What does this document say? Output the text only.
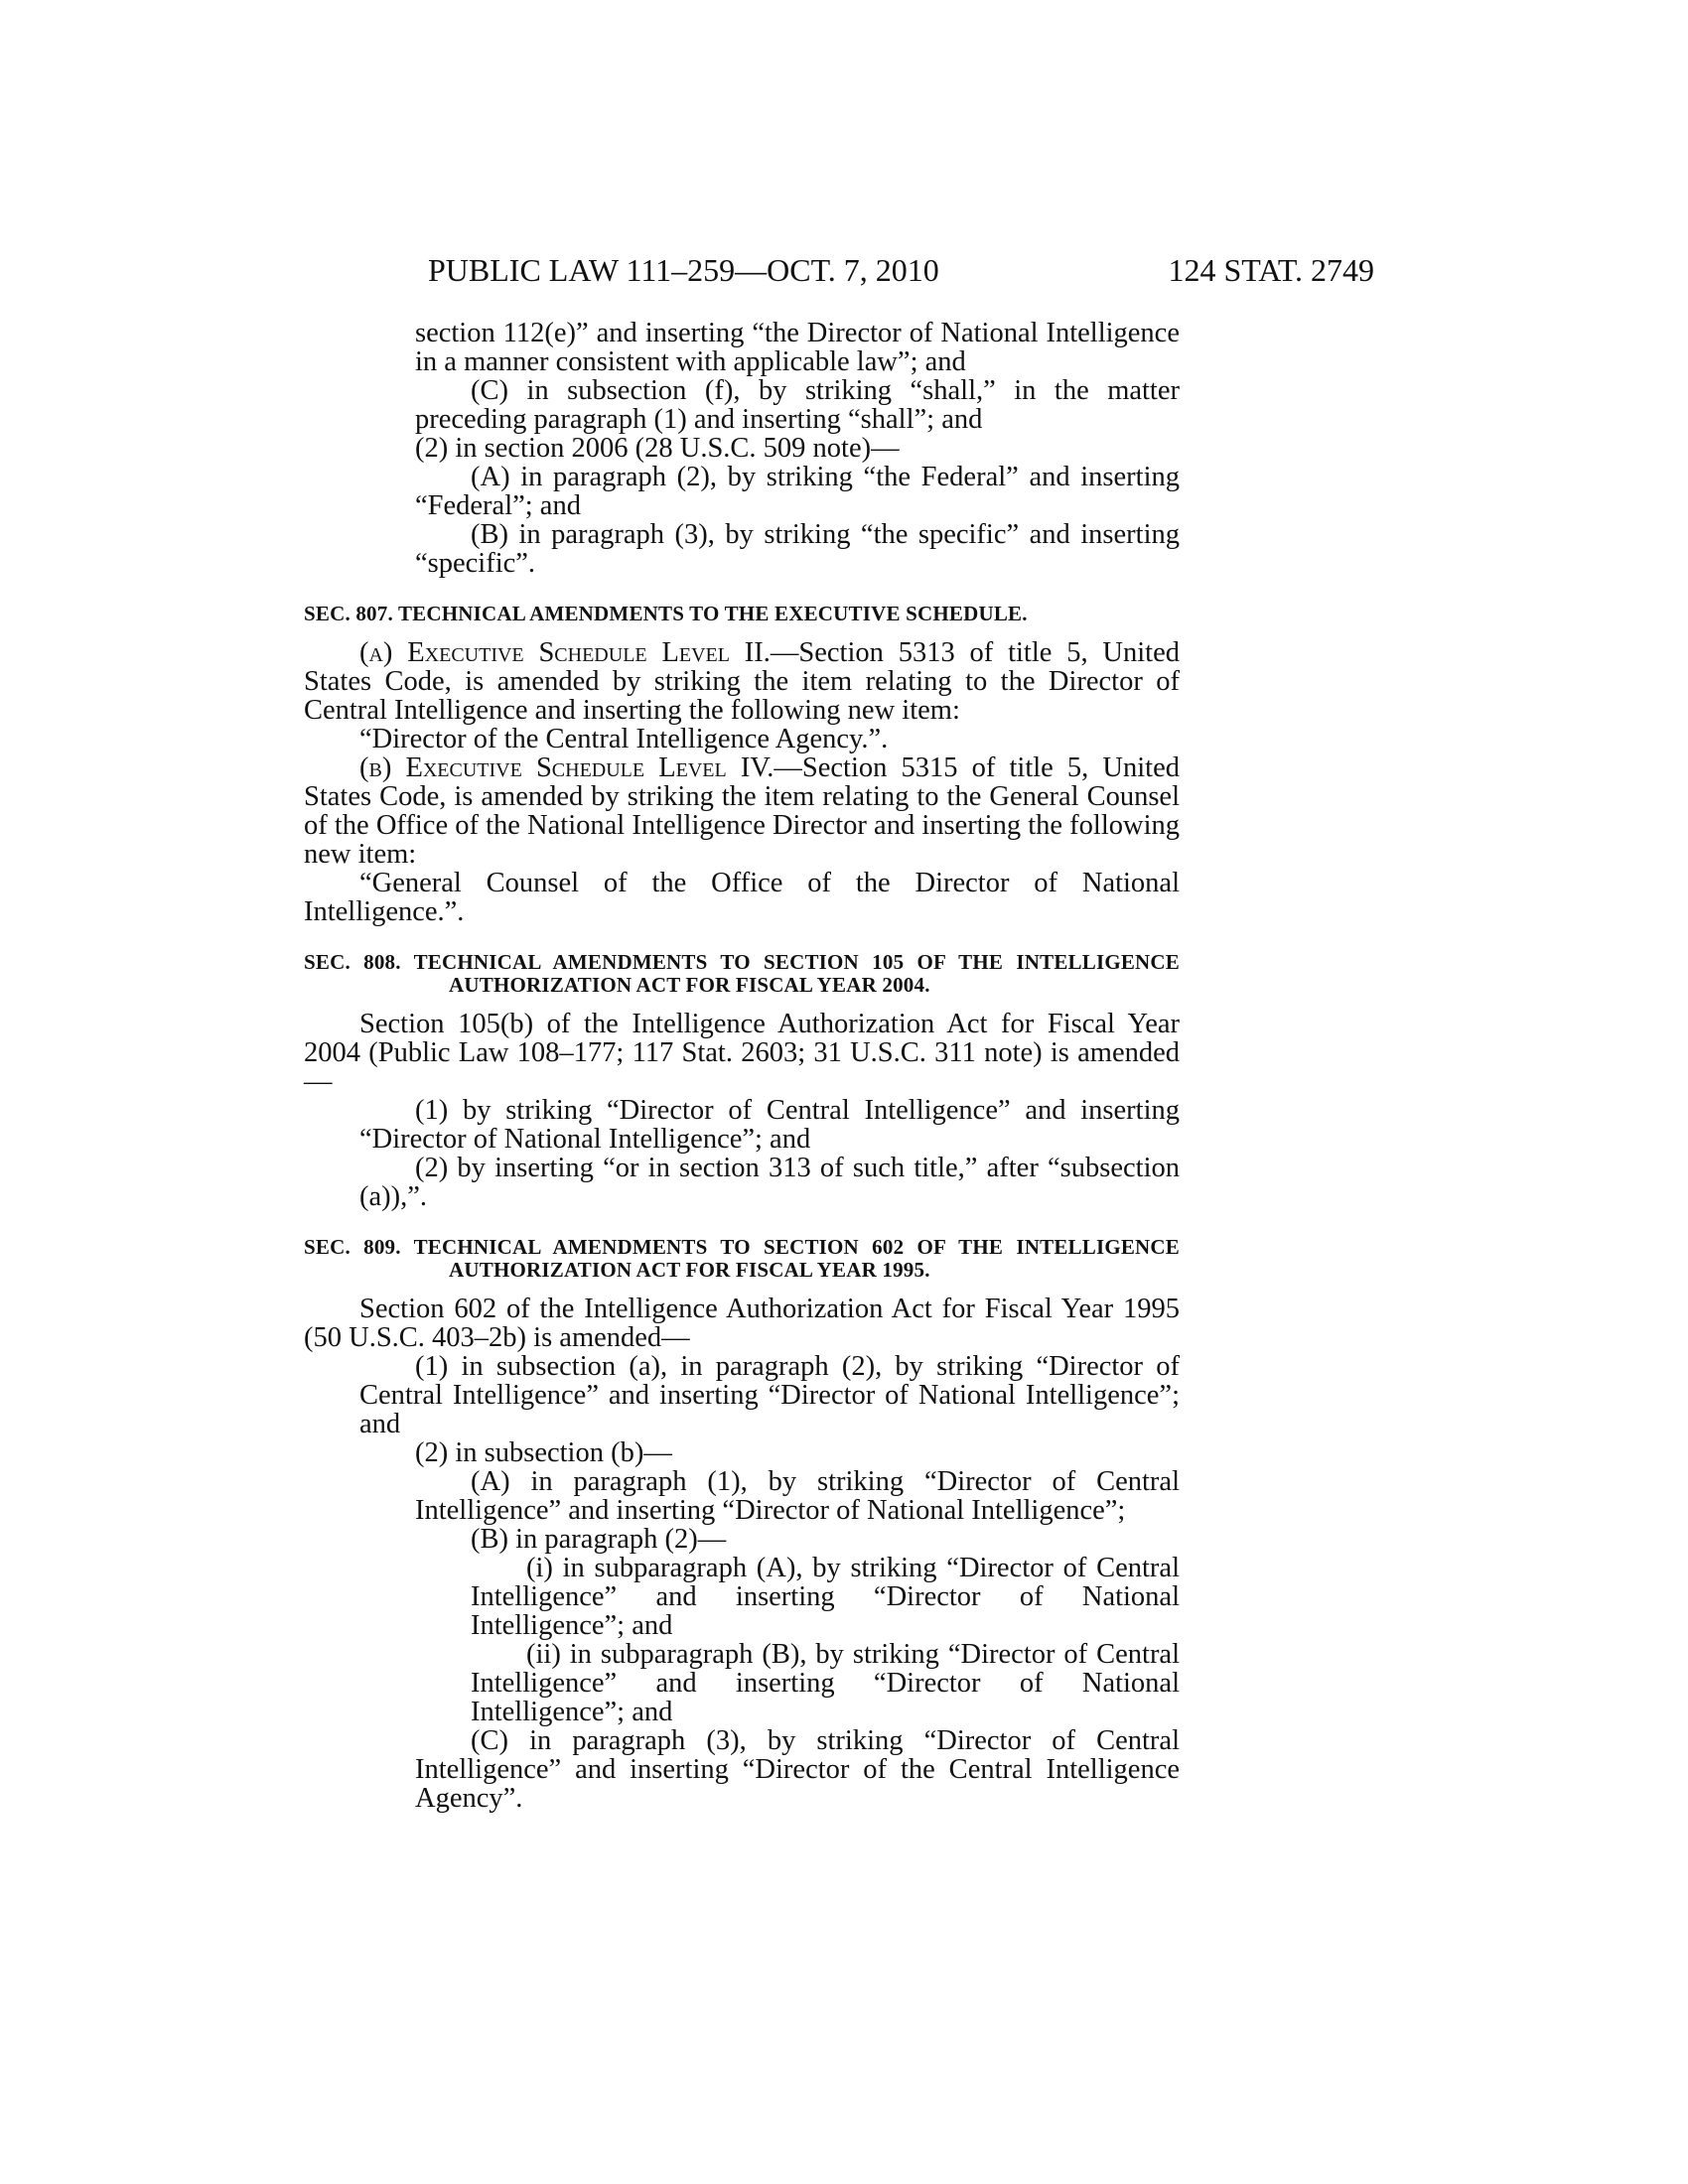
PUBLIC LAW 111–259—OCT. 7, 2010	124 STAT. 2749

section 112(e)” and inserting “the Director of National Intelligence in a manner consistent with applicable law”; and

(C) in subsection (f), by striking “shall,” in the matter preceding paragraph (1) and inserting “shall”; and

(2) in section 2006 (28 U.S.C. 509 note)—

(A) in paragraph (2), by striking “the Federal” and inserting “Federal”; and

(B) in paragraph (3), by striking “the specific” and inserting “specific”.

SEC. 807. TECHNICAL AMENDMENTS TO THE EXECUTIVE SCHEDULE.

(a) Executive Schedule Level II.—Section 5313 of title 5, United States Code, is amended by striking the item relating to the Director of Central Intelligence and inserting the following new item:

“Director of the Central Intelligence Agency.”.

(b) Executive Schedule Level IV.—Section 5315 of title 5, United States Code, is amended by striking the item relating to the General Counsel of the Office of the National Intelligence Director and inserting the following new item:

“General Counsel of the Office of the Director of National Intelligence.”.

SEC. 808. TECHNICAL AMENDMENTS TO SECTION 105 OF THE INTELLIGENCE AUTHORIZATION ACT FOR FISCAL YEAR 2004.

Section 105(b) of the Intelligence Authorization Act for Fiscal Year 2004 (Public Law 108–177; 117 Stat. 2603; 31 U.S.C. 311 note) is amended—

(1) by striking “Director of Central Intelligence” and inserting “Director of National Intelligence”; and

(2) by inserting “or in section 313 of such title,” after “subsection (a)),”.

SEC. 809. TECHNICAL AMENDMENTS TO SECTION 602 OF THE INTELLIGENCE AUTHORIZATION ACT FOR FISCAL YEAR 1995.

Section 602 of the Intelligence Authorization Act for Fiscal Year 1995 (50 U.S.C. 403–2b) is amended—

(1) in subsection (a), in paragraph (2), by striking “Director of Central Intelligence” and inserting “Director of National Intelligence”; and

(2) in subsection (b)—

(A) in paragraph (1), by striking “Director of Central Intelligence” and inserting “Director of National Intelligence”;

(B) in paragraph (2)—

(i) in subparagraph (A), by striking “Director of Central Intelligence” and inserting “Director of National Intelligence”; and

(ii) in subparagraph (B), by striking “Director of Central Intelligence” and inserting “Director of National Intelligence”; and

(C) in paragraph (3), by striking “Director of Central Intelligence” and inserting “Director of the Central Intelligence Agency”.
